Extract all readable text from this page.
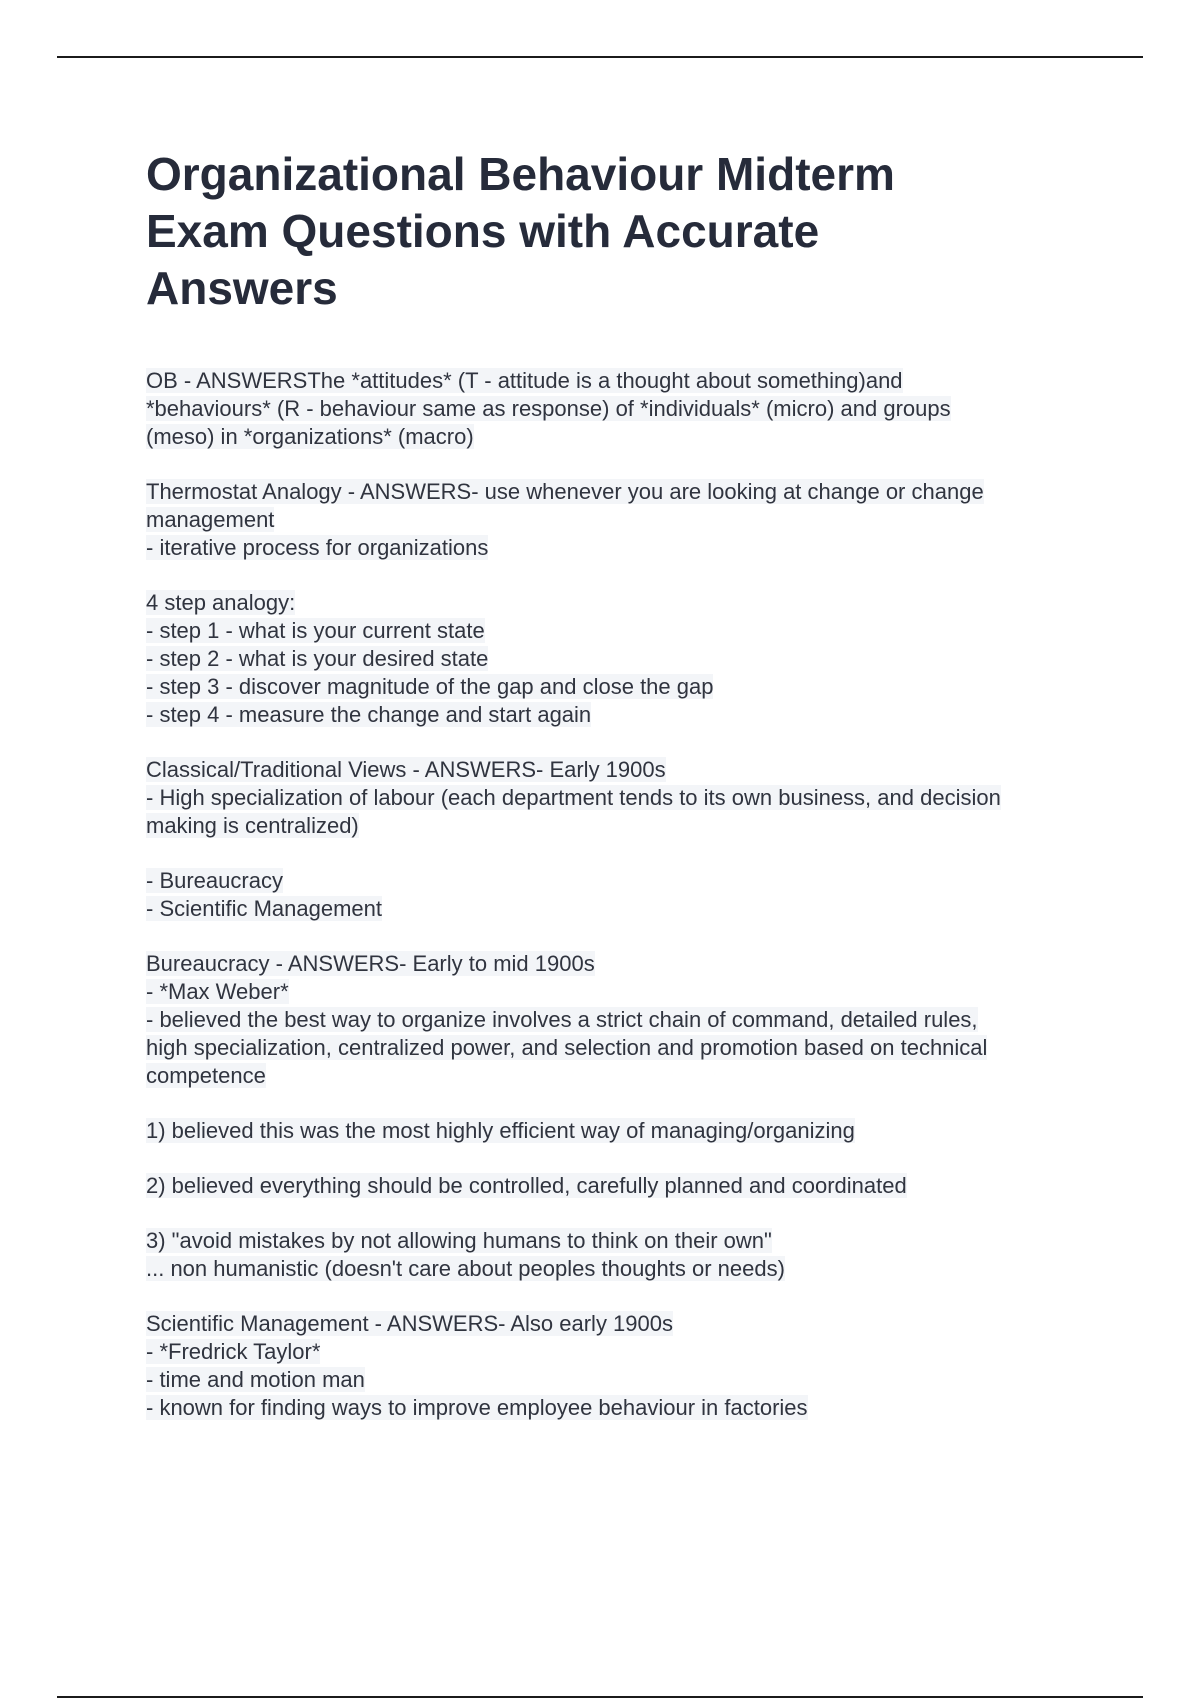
Organizational Behaviour Midterm
Exam Questions with Accurate
Answers
OB - ANSWERSThe *attitudes* (T - attitude is a thought about something)and
*behaviours* (R - behaviour same as response) of *individuals* (micro) and groups
(meso) in *organizations* (macro)
Thermostat Analogy - ANSWERS- use whenever you are looking at change or change
management
- iterative process for organizations
4 step analogy:
- step 1 - what is your current state
- step 2 - what is your desired state
- step 3 - discover magnitude of the gap and close the gap
- step 4 - measure the change and start again
Classical/Traditional Views - ANSWERS- Early 1900s
- High specialization of labour (each department tends to its own business, and decision
making is centralized)
- Bureaucracy
- Scientific Management
Bureaucracy - ANSWERS- Early to mid 1900s
- *Max Weber*
- believed the best way to organize involves a strict chain of command, detailed rules,
high specialization, centralized power, and selection and promotion based on technical
competence
1) believed this was the most highly efficient way of managing/organizing
2) believed everything should be controlled, carefully planned and coordinated
3) "avoid mistakes by not allowing humans to think on their own"
... non humanistic (doesn't care about peoples thoughts or needs)
Scientific Management - ANSWERS- Also early 1900s
- *Fredrick Taylor*
- time and motion man
- known for finding ways to improve employee behaviour in factories
